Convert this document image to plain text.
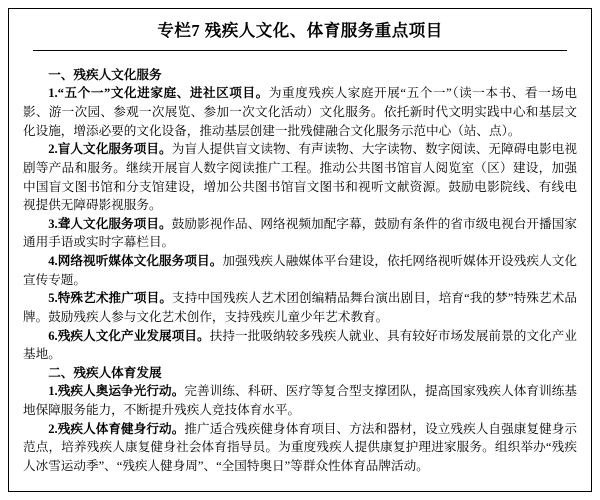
专栏7 残疾人文化、体育服务重点项目
一、残疾人文化服务

1.“五个一”文化进家庭、进社区项目。为重度残疾人家庭开展“五个一”（读一本书、看一场电影、游一次园、参观一次展览、参加一次文化活动）文化服务。依托新时代文明实践中心和基层文化设施，增添必要的文化设备，推动基层创建一批残健融合文化服务示范中心（站、点）。

2.盲人文化服务项目。为盲人提供盲文读物、有声读物、大字读物、数字阅读、无障碍电影电视剧等产品和服务。继续开展盲人数字阅读推广工程。推动公共图书馆盲人阅览室（区）建设，加强中国盲文图书馆和分支馆建设，增加公共图书馆盲文图书和视听文献资源。鼓励电影院线、有线电视提供无障碍影视服务。

3.聋人文化服务项目。鼓励影视作品、网络视频加配字幕，鼓励有条件的省市级电视台开播国家通用手语或实时字幕栏目。

4.网络视听媒体文化服务项目。加强残疾人融媒体平台建设，依托网络视听媒体开设残疾人文化宣传专题。

5.特殊艺术推广项目。支持中国残疾人艺术团创编精品舞台演出剧目，培育“我的梦”特殊艺术品牌。鼓励残疾人参与文化艺术创作，支持残疾儿童少年艺术教育。

6.残疾人文化产业发展项目。扶持一批吸纳较多残疾人就业、具有较好市场发展前景的文化产业基地。

二、残疾人体育发展

1.残疾人奥运争光行动。完善训练、科研、医疗等复合型支撑团队，提高国家残疾人体育训练基地保障服务能力，不断提升残疾人竞技体育水平。

2.残疾人体育健身行动。推广适合残疾健身体育项目、方法和器材，设立残疾人自强康复健身示范点，培养残疾人康复健身社会体育指导员。为重度残疾人提供康复护理进家服务。组织举办“残疾人冰雪运动季”、“残疾人健身周”、“全国特奥日”等群众性体育品牌活动。
